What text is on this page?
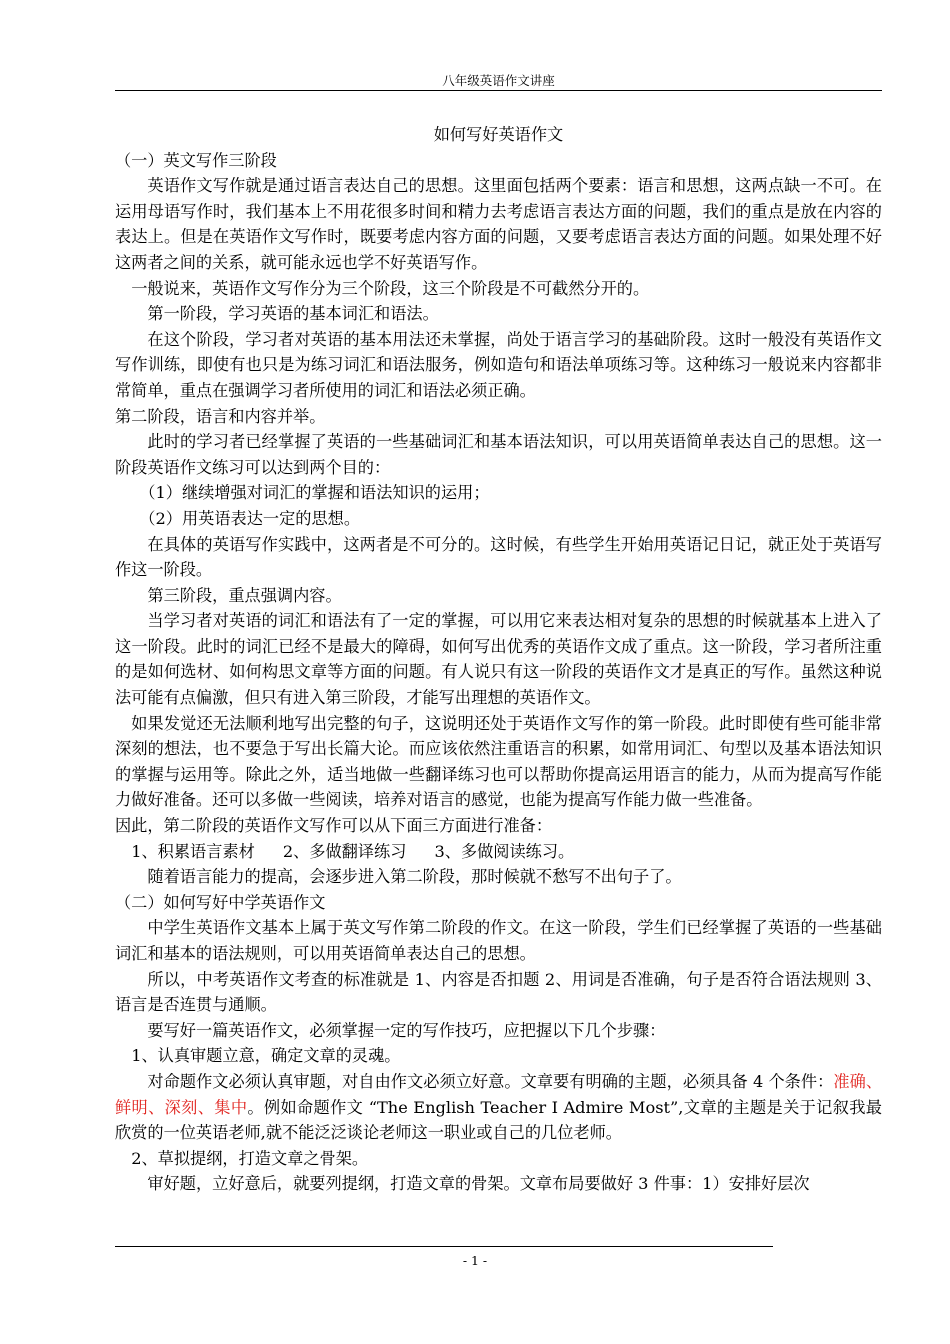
八年级英语作文讲座

如何写好英语作文

（一）英文写作三阶段

英语作文写作就是通过语言表达自己的思想。这里面包括两个要素：语言和思想，这两点缺一不可。在运用母语写作时，我们基本上不用花很多时间和精力去考虑语言表达方面的问题，我们的重点是放在内容的表达上。但是在英语作文写作时，既要考虑内容方面的问题，又要考虑语言表达方面的问题。如果处理不好这两者之间的关系，就可能永远也学不好英语写作。

一般说来，英语作文写作分为三个阶段，这三个阶段是不可截然分开的。

第一阶段，学习英语的基本词汇和语法。

在这个阶段，学习者对英语的基本用法还未掌握，尚处于语言学习的基础阶段。这时一般没有英语作文写作训练，即使有也只是为练习词汇和语法服务，例如造句和语法单项练习等。这种练习一般说来内容都非常简单，重点在强调学习者所使用的词汇和语法必须正确。

第二阶段，语言和内容并举。

此时的学习者已经掌握了英语的一些基础词汇和基本语法知识，可以用英语简单表达自己的思想。这一阶段英语作文练习可以达到两个目的：

（1）继续增强对词汇的掌握和语法知识的运用；

（2）用英语表达一定的思想。

在具体的英语写作实践中，这两者是不可分的。这时候，有些学生开始用英语记日记，就正处于英语写作这一阶段。

第三阶段，重点强调内容。

当学习者对英语的词汇和语法有了一定的掌握，可以用它来表达相对复杂的思想的时候就基本上进入了这一阶段。此时的词汇已经不是最大的障碍，如何写出优秀的英语作文成了重点。这一阶段，学习者所注重的是如何选材、如何构思文章等方面的问题。有人说只有这一阶段的英语作文才是真正的写作。虽然这种说法可能有点偏激，但只有进入第三阶段，才能写出理想的英语作文。

如果发觉还无法顺利地写出完整的句子，这说明还处于英语作文写作的第一阶段。此时即使有些可能非常深刻的想法，也不要急于写出长篇大论。而应该依然注重语言的积累，如常用词汇、句型以及基本语法知识的掌握与运用等。除此之外，适当地做一些翻译练习也可以帮助你提高运用语言的能力，从而为提高写作能力做好准备。还可以多做一些阅读，培养对语言的感觉，也能为提高写作能力做一些准备。

因此，第二阶段的英语作文写作可以从下面三方面进行准备：

1、积累语言素材 2、多做翻译练习 3、多做阅读练习。

随着语言能力的提高，会逐步进入第二阶段，那时候就不愁写不出句子了。

（二）如何写好中学英语作文

中学生英语作文基本上属于英文写作第二阶段的作文。在这一阶段，学生们已经掌握了英语的一些基础词汇和基本的语法规则，可以用英语简单表达自己的思想。

所以，中考英语作文考查的标准就是 1、内容是否扣题 2、用词是否准确，句子是否符合语法规则 3、语言是否连贯与通顺。

要写好一篇英语作文，必须掌握一定的写作技巧，应把握以下几个步骤：

1、认真审题立意，确定文章的灵魂。

对命题作文必须认真审题，对自由作文必须立好意。文章要有明确的主题，必须具备 4 个条件：准确、鲜明、深刻、集中。例如命题作文 “The English Teacher I Admire Most”,文章的主题是关于记叙我最欣赏的一位英语老师,就不能泛泛谈论老师这一职业或自己的几位老师。

2、草拟提纲，打造文章之骨架。

审好题，立好意后，就要列提纲，打造文章的骨架。文章布局要做好 3 件事：1）安排好层次

- 1 -
